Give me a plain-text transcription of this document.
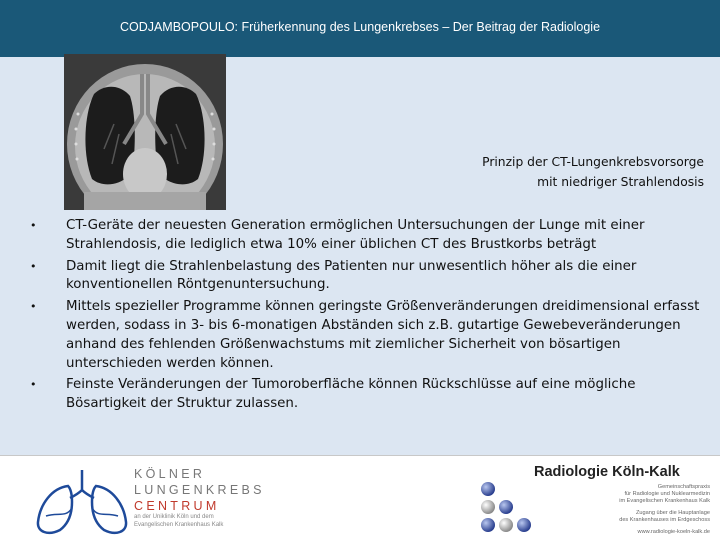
CODJAMBOPOULO: Früherkennung des Lungenkrebses – Der Beitrag der Radiologie
Prinzip der CT-Lungenkrebsvorsorge
mit niedriger Strahlendosis
• CT-Geräte der neuesten Generation ermöglichen Untersuchungen der Lunge mit einer Strahlendosis, die lediglich etwa 10% einer üblichen CT des Brustkorbs beträgt
• Damit liegt die Strahlenbelastung des Patienten nur unwesentlich höher als die einer konventionellen Röntgenuntersuchung.
• Mittels spezieller Programme können geringste Größenveränderungen dreidimensional erfasst werden, sodass in 3- bis 6-monatigen Abständen sich z.B. gutartige Gewebeveränderungen anhand des fehlenden Größenwachstums mit ziemlicher Sicherheit von bösartigen unterschieden werden können.
• Feinste Veränderungen der Tumoroberfläche können Rückschlüsse auf eine mögliche Bösartigkeit der Struktur zulassen.
KÖLNER
LUNGENKREBS
CENTRUM
an der Uniklinik Köln und dem
Evangelischen Krankenhaus Kalk
Radiologie Köln-Kalk
Gemeinschaftspraxis
für Radiologie und Nuklearmedizin
im Evangelischen Krankenhaus Kalk
Zugang über die Hauptanlage
des Krankenhauses im Erdgeschoss
www.radiologie-koeln-kalk.de
